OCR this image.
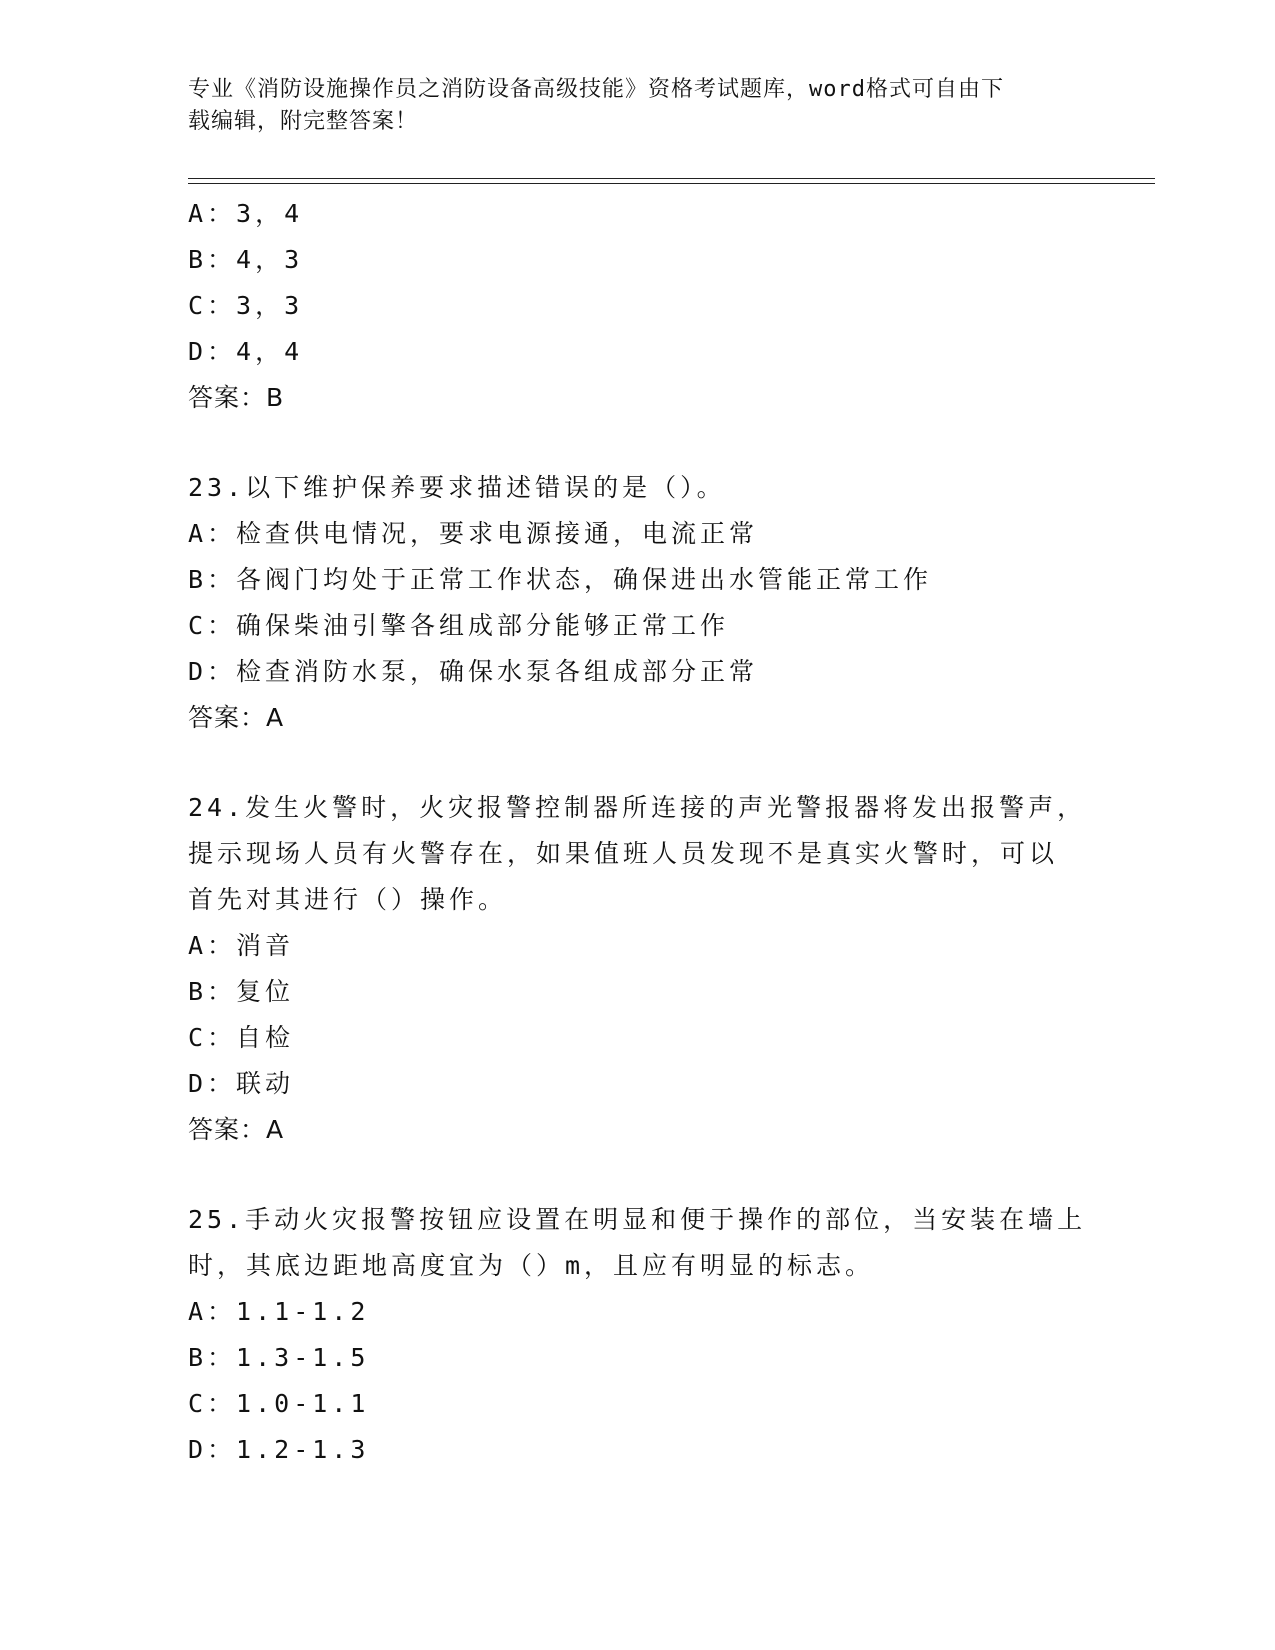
专业《消防设施操作员之消防设备高级技能》资格考试题库，word格式可自由下
载编辑，附完整答案！
A：3，4
B：4，3
C：3，3
D：4，4
答案：B
23.以下维护保养要求描述错误的是（）。
A：检查供电情况，要求电源接通，电流正常
B：各阀门均处于正常工作状态，确保进出水管能正常工作
C：确保柴油引擎各组成部分能够正常工作
D：检查消防水泵，确保水泵各组成部分正常
答案：A
24.发生火警时，火灾报警控制器所连接的声光警报器将发出报警声，
提示现场人员有火警存在，如果值班人员发现不是真实火警时，可以
首先对其进行（）操作。
A：消音
B：复位
C：自检
D：联动
答案：A
25.手动火灾报警按钮应设置在明显和便于操作的部位，当安装在墙上
时，其底边距地高度宜为（）m，且应有明显的标志。
A：1.1-1.2
B：1.3-1.5
C：1.0-1.1
D：1.2-1.3
